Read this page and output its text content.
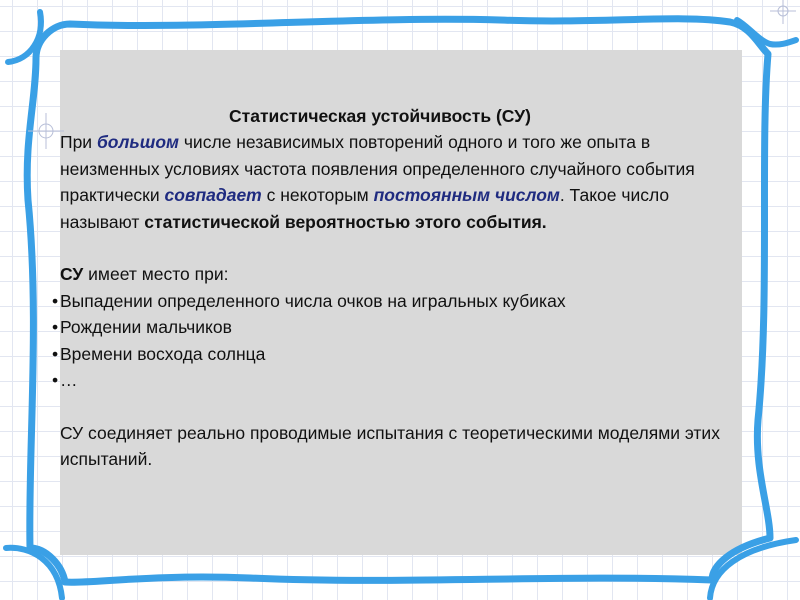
Статистическая устойчивость (СУ)

При большом числе независимых повторений одного и того же опыта в неизменных условиях частота появления определенного случайного события практически совпадает с некоторым постоянным числом. Такое число называют статистической вероятностью этого события.

СУ имеет место при:

• Выпадении определенного числа очков на игральных кубиках
• Рождении мальчиков
• Времени восхода солнца
• …

СУ соединяет реально проводимые испытания с теоретическими моделями этих испытаний.
